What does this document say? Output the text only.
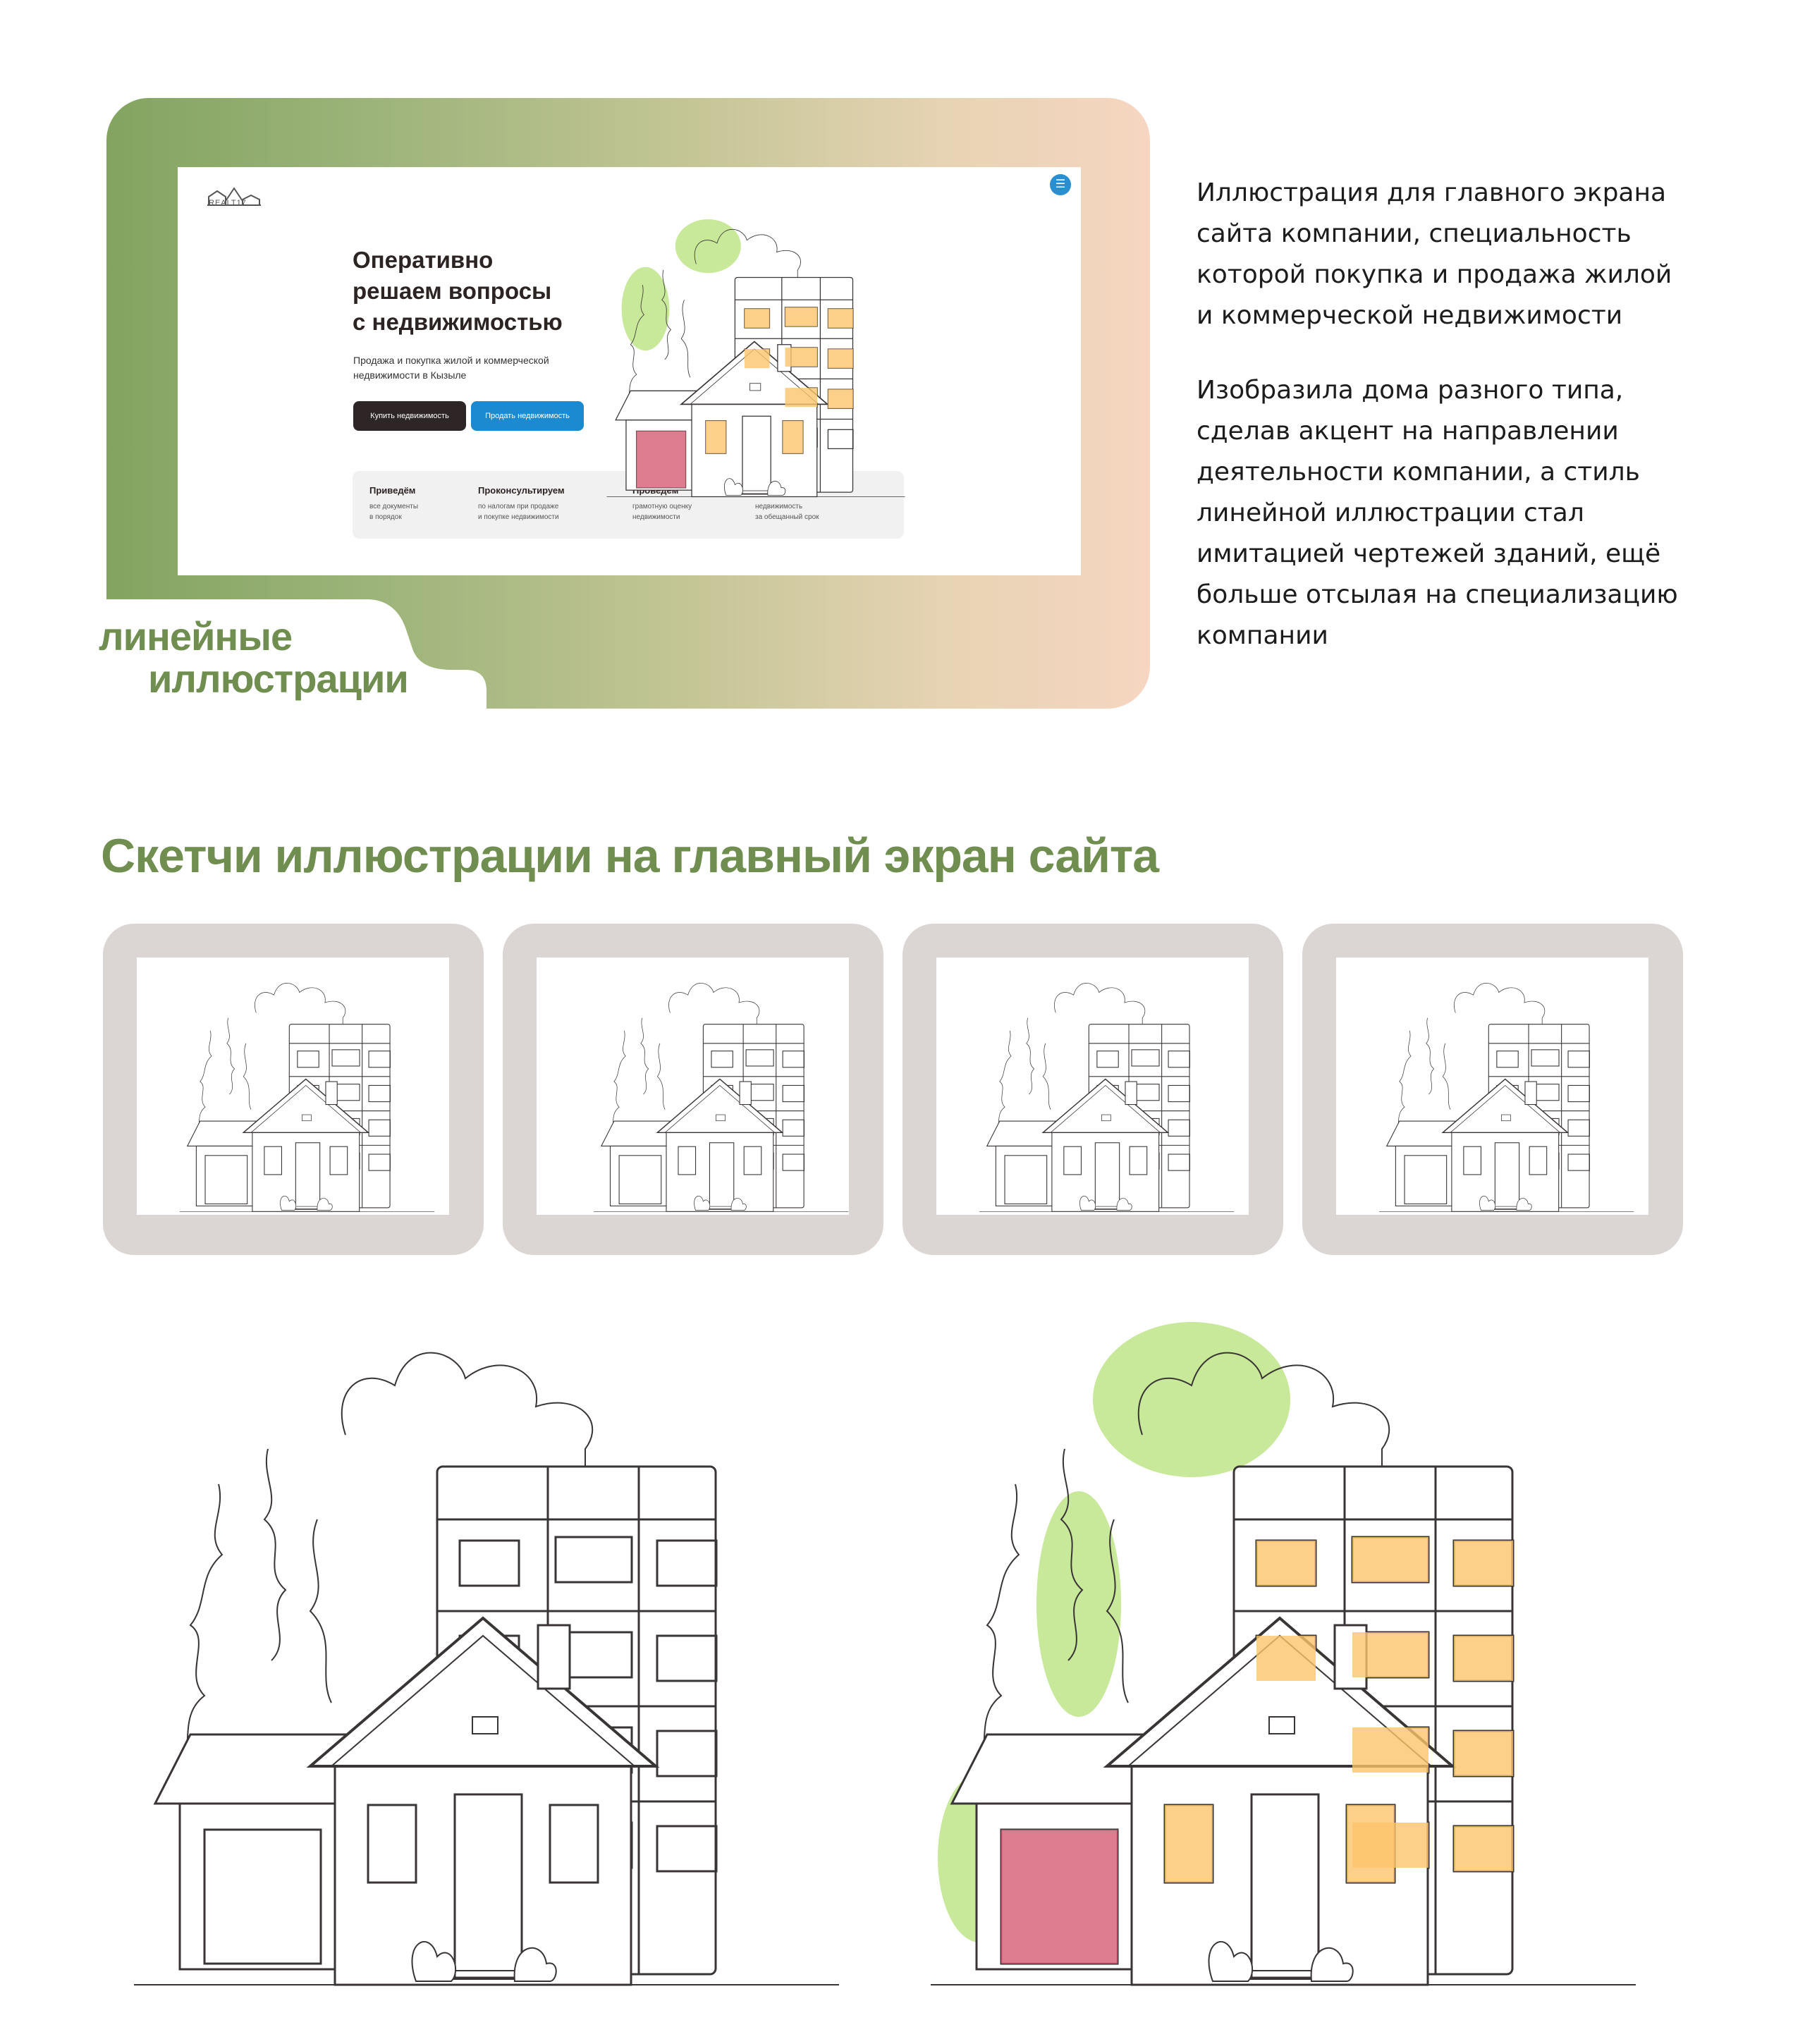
линейные
иллюстрации
REALT17
☰
Оперативно
решаем вопросы
с недвижимостью
Продажа и покупка жилой и коммерческой
недвижимости в Кызыле
Купить недвижимость	Продать недвижимость
Приведём
все документы
в порядок
Проконсультируем
по налогам при продаже
и покупке недвижимости
грамотную оценку
недвижимости
недвижимость
за обещанный срок
Иллюстрация для главного экрана
сайта компании, специальность
которой покупка и продажа жилой
и коммерческой недвижимости
Изобразила дома разного типа,
сделав акцент на направлении
деятельности компании, а стиль
линейной иллюстрации стал
имитацией чертежей зданий, ещё
больше отсылая на специализацию
компании
Скетчи иллюстрации на главный экран сайта
